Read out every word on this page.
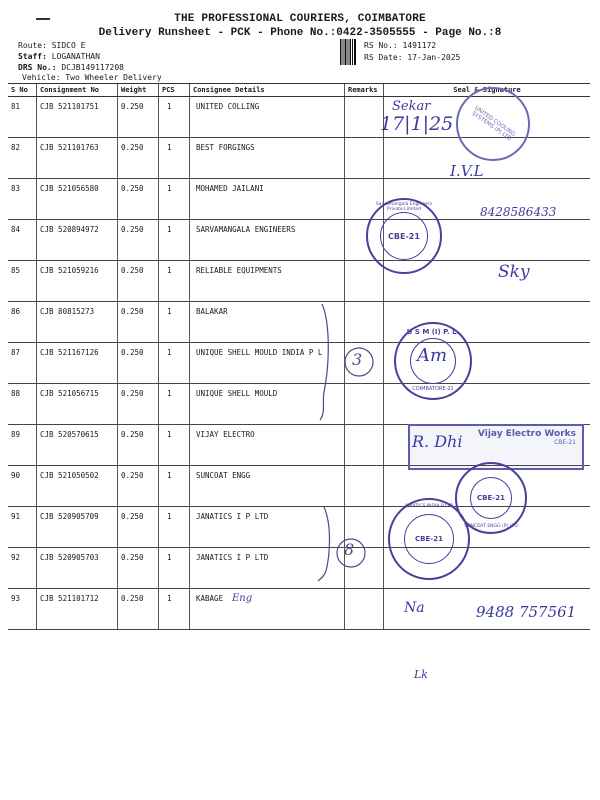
THE PROFESSIONAL COURIERS, COIMBATORE
Delivery Runsheet - PCK - Phone No.:0422-3505555 - Page No.:8
Route: SIDCO E
Staff: LOGANATHAN
DRS No.: DCJB149117208
Vehicle: Two Wheeler Delivery
RS No.: 1491172
RS Date: 17-Jan-2025
S No	Consignment No	Weight	PCS	Consignee Details	Remarks	Seal & Signature
81	CJB 521101751	0.250	1	UNITED COLLING		
82	CJB 521101763	0.250	1	BEST FORGINGS		
83	CJB 521056580	0.250	1	MOHAMED JAILANI		
84	CJB 520894972	0.250	1	SARVAMANGALA ENGINEERS		
85	CJB 521059216	0.250	1	RELIABLE EQUIPMENTS		
86	CJB 80815273	0.250	1	BALAKAR		
87	CJB 521167126	0.250	1	UNIQUE SHELL MOULD INDIA P L		
88	CJB 521056715	0.250	1	UNIQUE SHELL MOULD		
89	CJB 520570615	0.250	1	VIJAY ELECTRO		
90	CJB 521050502	0.250	1	SUNCOAT ENGG		
91	CJB 520905709	0.250	1	JANATICS I P LTD		
92	CJB 520905703	0.250	1	JANATICS I P LTD		
93	CJB 521101712	0.250	1	KABAGE		
UNITED COOLING SYSTEMS (P) LTD
Sekar
17|1|25
I.V.L
CBE-21
Sarvamangala Engineers Private Limited	8428586433
Sky
3
U S M (I) P. L.
COIMBATORE-21
Am
Vijay Electro Works
CBE-21
R. Dhi
CBE-21
SUNCOAT ENGG (P) LTD
CBE-21
JANATICS INDIA P LTD
8
Eng
Na	9488 757561
Lk
